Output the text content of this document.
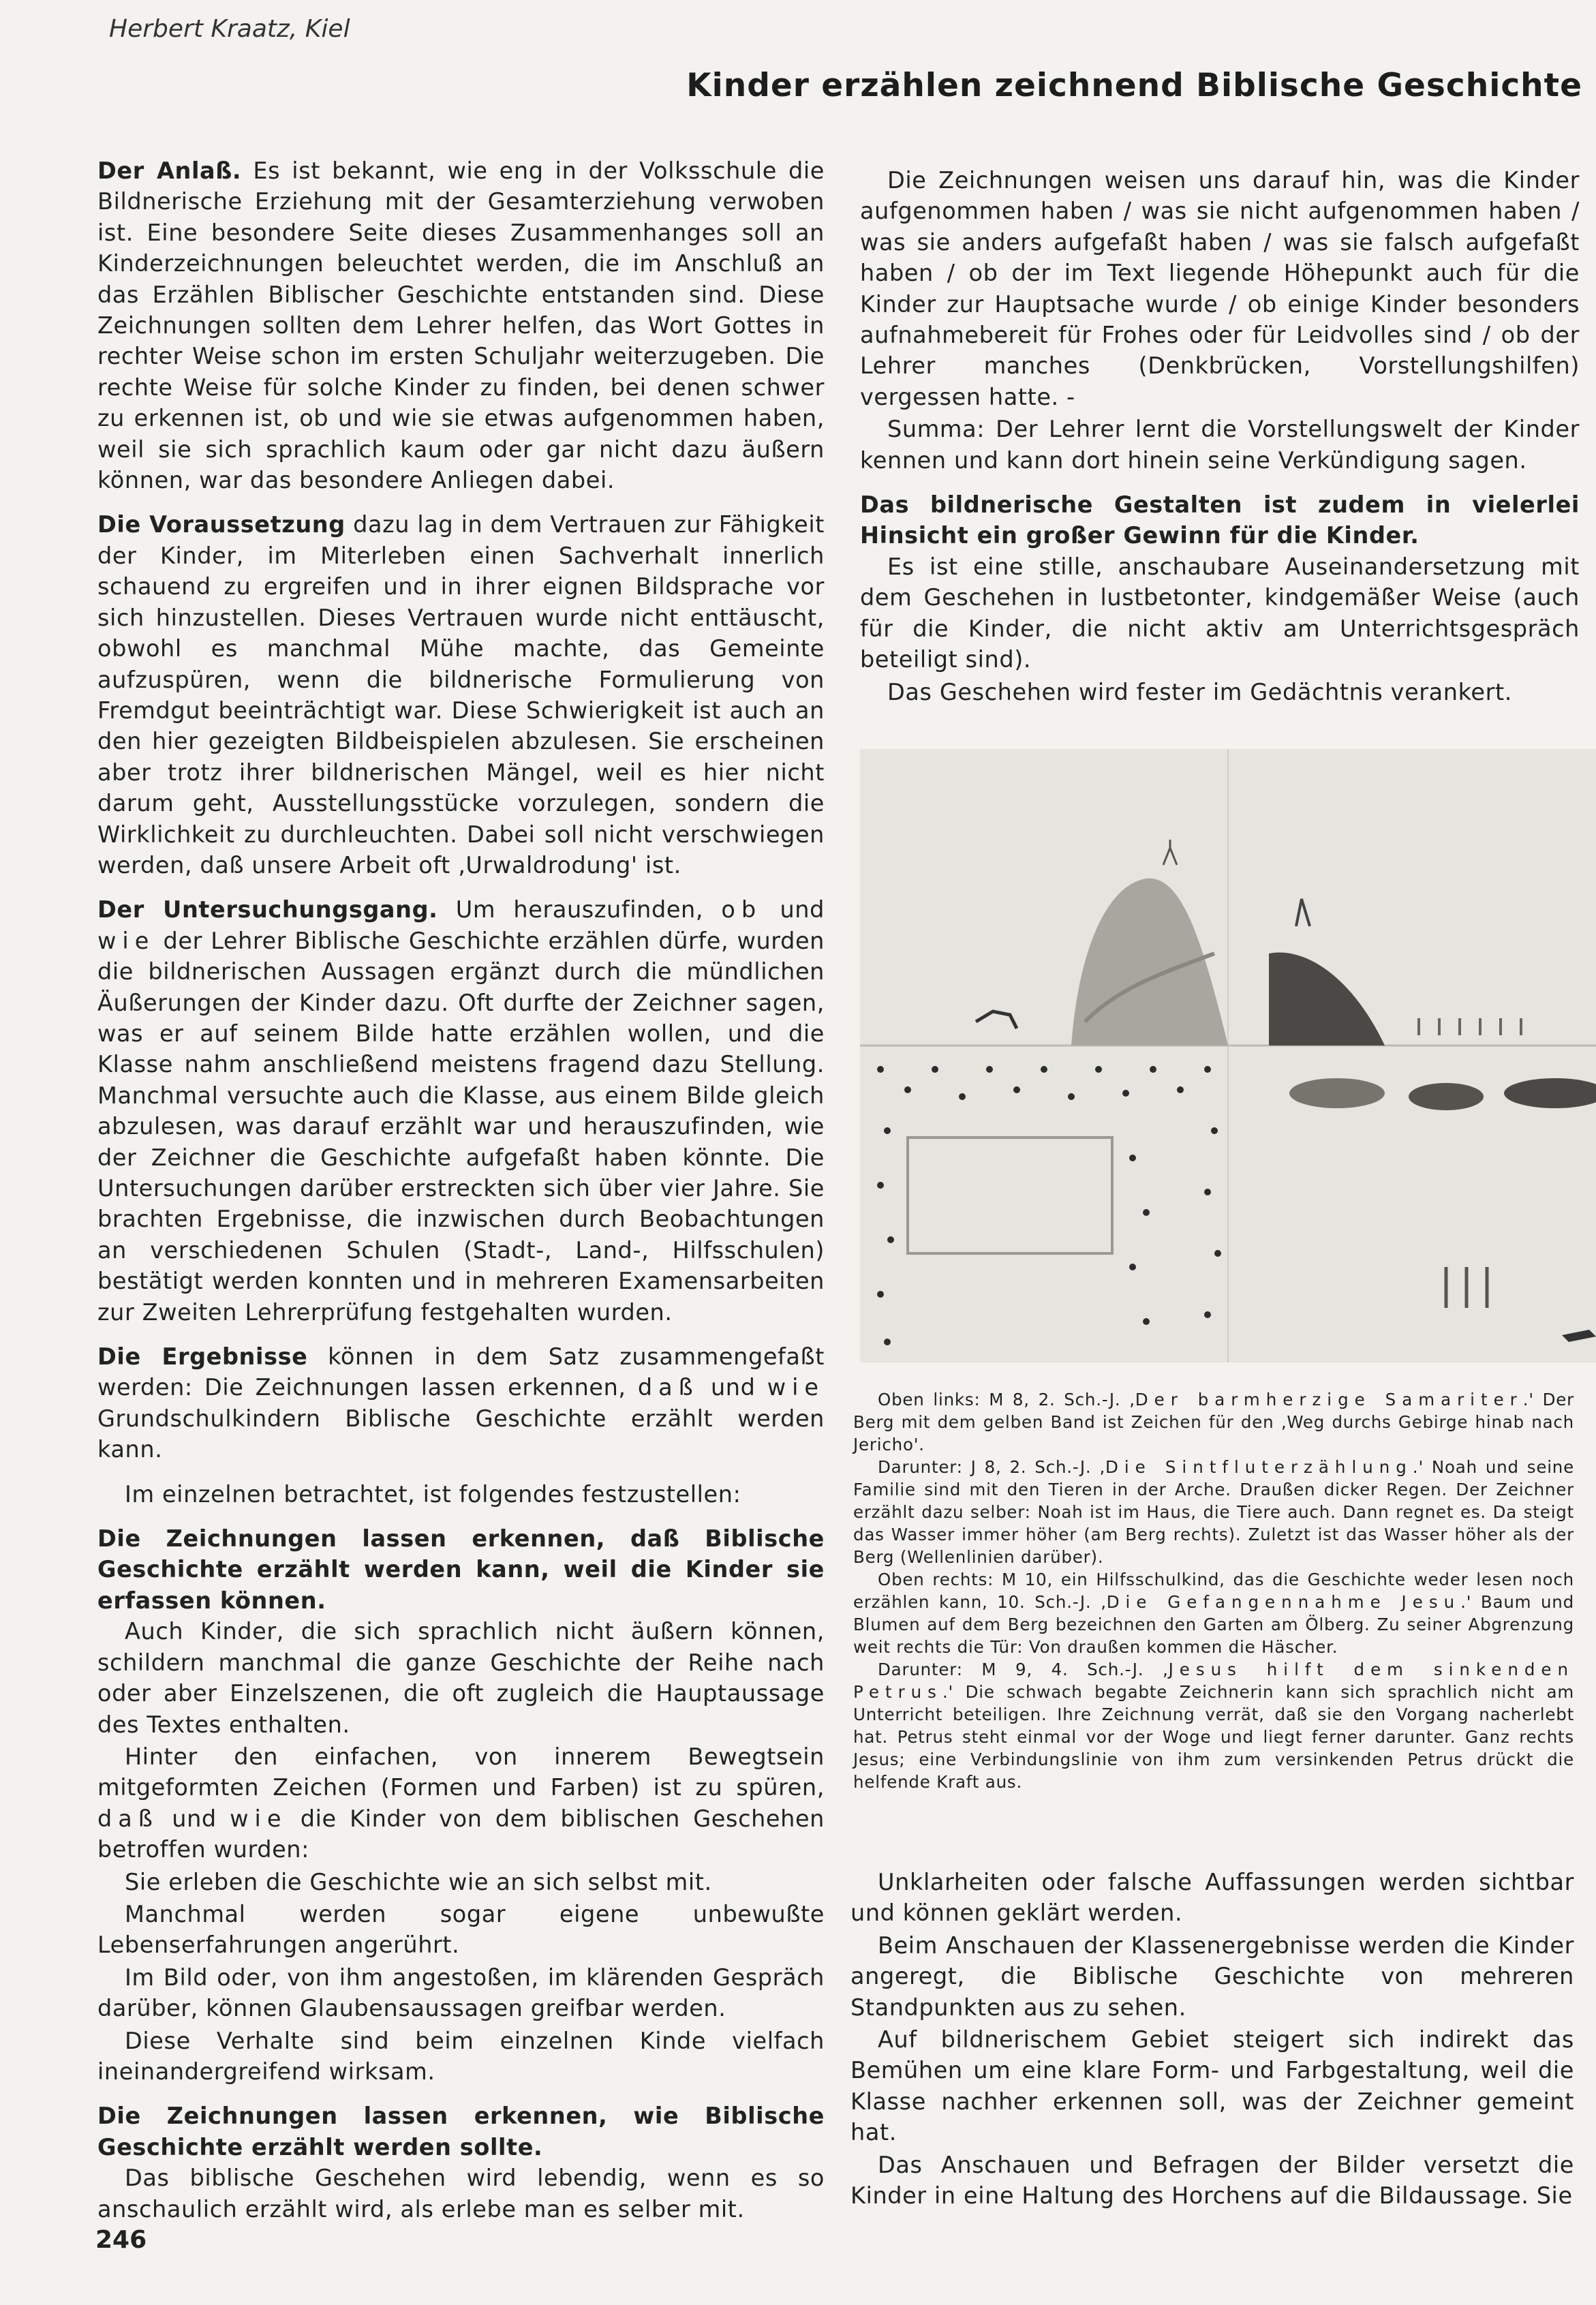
Herbert Kraatz, Kiel
Kinder erzählen zeichnend Biblische Geschichte

Der Anlaß. Es ist bekannt, wie eng in der Volksschule die Bildnerische Erziehung mit der Gesamterziehung verwoben ist. Eine besondere Seite dieses Zusammenhanges soll an Kinderzeichnungen beleuchtet werden, die im Anschluß an das Erzählen Biblischer Geschichte entstanden sind. Diese Zeichnungen sollten dem Lehrer helfen, das Wort Gottes in rechter Weise schon im ersten Schuljahr weiterzugeben. Die rechte Weise für solche Kinder zu finden, bei denen schwer zu erkennen ist, ob und wie sie etwas aufgenommen haben, weil sie sich sprachlich kaum oder gar nicht dazu äußern können, war das besondere Anliegen dabei.

Die Voraussetzung dazu lag in dem Vertrauen zur Fähigkeit der Kinder, im Miterleben einen Sachverhalt innerlich schauend zu ergreifen und in ihrer eignen Bildsprache vor sich hinzustellen. Dieses Vertrauen wurde nicht enttäuscht, obwohl es manchmal Mühe machte, das Gemeinte aufzuspüren, wenn die bildnerische Formulierung von Fremdgut beeinträchtigt war. Diese Schwierigkeit ist auch an den hier gezeigten Bildbeispielen abzulesen. Sie erscheinen aber trotz ihrer bildnerischen Mängel, weil es hier nicht darum geht, Ausstellungsstücke vorzulegen, sondern die Wirklichkeit zu durchleuchten. Dabei soll nicht verschwiegen werden, daß unsere Arbeit oft ‚Urwaldrodung' ist.

Der Untersuchungsgang. Um herauszufinden, ob und wie der Lehrer Biblische Geschichte erzählen dürfe, wurden die bildnerischen Aussagen ergänzt durch die mündlichen Äußerungen der Kinder dazu. Oft durfte der Zeichner sagen, was er auf seinem Bilde hatte erzählen wollen, und die Klasse nahm anschließend meistens fragend dazu Stellung. Manchmal versuchte auch die Klasse, aus einem Bilde gleich abzulesen, was darauf erzählt war und herauszufinden, wie der Zeichner die Geschichte aufgefaßt haben könnte. Die Untersuchungen darüber erstreckten sich über vier Jahre. Sie brachten Ergebnisse, die inzwischen durch Beobachtungen an verschiedenen Schulen (Stadt-, Land-, Hilfsschulen) bestätigt werden konnten und in mehreren Examensarbeiten zur Zweiten Lehrerprüfung festgehalten wurden.

Die Ergebnisse können in dem Satz zusammengefaßt werden: Die Zeichnungen lassen erkennen, daß und wie Grundschulkindern Biblische Geschichte erzählt werden kann.

Im einzelnen betrachtet, ist folgendes festzustellen:

Die Zeichnungen lassen erkennen, daß Biblische Geschichte erzählt werden kann, weil die Kinder sie erfassen können.

Auch Kinder, die sich sprachlich nicht äußern können, schildern manchmal die ganze Geschichte der Reihe nach oder aber Einzelszenen, die oft zugleich die Hauptaussage des Textes enthalten.

Hinter den einfachen, von innerem Bewegtsein mitgeformten Zeichen (Formen und Farben) ist zu spüren, daß und wie die Kinder von dem biblischen Geschehen betroffen wurden:

Sie erleben die Geschichte wie an sich selbst mit.

Manchmal werden sogar eigene unbewußte Lebenserfahrungen angerührt.

Im Bild oder, von ihm angestoßen, im klärenden Gespräch darüber, können Glaubensaussagen greifbar werden.

Diese Verhalte sind beim einzelnen Kinde vielfach ineinandergreifend wirksam.

Die Zeichnungen lassen erkennen, wie Biblische Geschichte erzählt werden sollte.

Das biblische Geschehen wird lebendig, wenn es so anschaulich erzählt wird, als erlebe man es selber mit.

Die Zeichnungen weisen uns darauf hin, was die Kinder aufgenommen haben / was sie nicht aufgenommen haben / was sie anders aufgefaßt haben / was sie falsch aufgefaßt haben / ob der im Text liegende Höhepunkt auch für die Kinder zur Hauptsache wurde / ob einige Kinder besonders aufnahmebereit für Frohes oder für Leidvolles sind / ob der Lehrer manches (Denkbrücken, Vorstellungshilfen) vergessen hatte. -

Summa: Der Lehrer lernt die Vorstellungswelt der Kinder kennen und kann dort hinein seine Verkündigung sagen.

Das bildnerische Gestalten ist zudem in vielerlei Hinsicht ein großer Gewinn für die Kinder.

Es ist eine stille, anschaubare Auseinandersetzung mit dem Geschehen in lustbetonter, kindgemäßer Weise (auch für die Kinder, die nicht aktiv am Unterrichtsgespräch beteiligt sind).

Das Geschehen wird fester im Gedächtnis verankert.

Oben links: M 8, 2. Sch.-J. ‚Der barmherzige Samariter.' Der Berg mit dem gelben Band ist Zeichen für den ‚Weg durchs Gebirge hinab nach Jericho'.

Darunter: J 8, 2. Sch.-J. ‚Die Sintfluterzählung.' Noah und seine Familie sind mit den Tieren in der Arche. Draußen dicker Regen. Der Zeichner erzählt dazu selber: Noah ist im Haus, die Tiere auch. Dann regnet es. Da steigt das Wasser immer höher (am Berg rechts). Zuletzt ist das Wasser höher als der Berg (Wellenlinien darüber).

Oben rechts: M 10, ein Hilfsschulkind, das die Geschichte weder lesen noch erzählen kann, 10. Sch.-J. ‚Die Gefangennahme Jesu.' Baum und Blumen auf dem Berg bezeichnen den Garten am Ölberg. Zu seiner Abgrenzung weit rechts die Tür: Von draußen kommen die Häscher.

Darunter: M 9, 4. Sch.-J. ‚Jesus hilft dem sinkenden Petrus.' Die schwach begabte Zeichnerin kann sich sprachlich nicht am Unterricht beteiligen. Ihre Zeichnung verrät, daß sie den Vorgang nacherlebt hat. Petrus steht einmal vor der Woge und liegt ferner darunter. Ganz rechts Jesus; eine Verbindungslinie von ihm zum versinkenden Petrus drückt die helfende Kraft aus.

Unklarheiten oder falsche Auffassungen werden sichtbar und können geklärt werden.

Beim Anschauen der Klassenergebnisse werden die Kinder angeregt, die Biblische Geschichte von mehreren Standpunkten aus zu sehen.

Auf bildnerischem Gebiet steigert sich indirekt das Bemühen um eine klare Form- und Farbgestaltung, weil die Klasse nachher erkennen soll, was der Zeichner gemeint hat.

Das Anschauen und Befragen der Bilder versetzt die Kinder in eine Haltung des Horchens auf die Bildaussage. Sie

246
